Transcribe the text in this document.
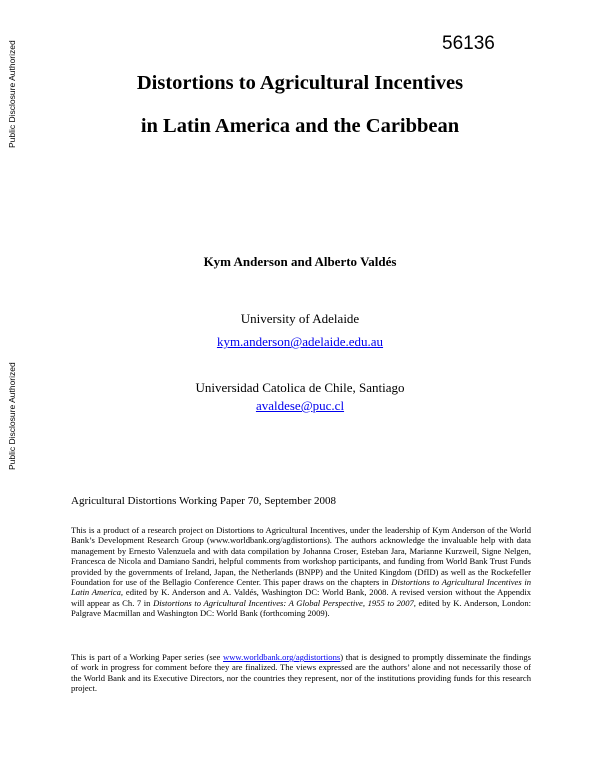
Public Disclosure Authorized
Public Disclosure Authorized
56136
Distortions to Agricultural Incentives
in Latin America and the Caribbean
Kym Anderson and Alberto Valdés
University of Adelaide
kym.anderson@adelaide.edu.au
Universidad Catolica de Chile, Santiago
avaldese@puc.cl
Agricultural Distortions Working Paper 70, September 2008
This is a product of a research project on Distortions to Agricultural Incentives, under the leadership of Kym Anderson of the World Bank’s Development Research Group (www.worldbank.org/agdistortions). The authors acknowledge the invaluable help with data management by Ernesto Valenzuela and with data compilation by Johanna Croser, Esteban Jara, Marianne Kurzweil, Signe Nelgen, Francesca de Nicola and Damiano Sandri, helpful comments from workshop participants, and funding from World Bank Trust Funds provided by the governments of Ireland, Japan, the Netherlands (BNPP) and the United Kingdom (DfID) as well as the Rockefeller Foundation for use of the Bellagio Conference Center. This paper draws on the chapters in Distortions to Agricultural Incentives in Latin America, edited by K. Anderson and A. Valdés, Washington DC: World Bank, 2008. A revised version without the Appendix will appear as Ch. 7 in Distortions to Agricultural Incentives: A Global Perspective, 1955 to 2007, edited by K. Anderson, London: Palgrave Macmillan and Washington DC: World Bank (forthcoming 2009).
This is part of a Working Paper series (see www.worldbank.org/agdistortions) that is designed to promptly disseminate the findings of work in progress for comment before they are finalized. The views expressed are the authors’ alone and not necessarily those of the World Bank and its Executive Directors, nor the countries they represent, nor of the institutions providing funds for this research project.
